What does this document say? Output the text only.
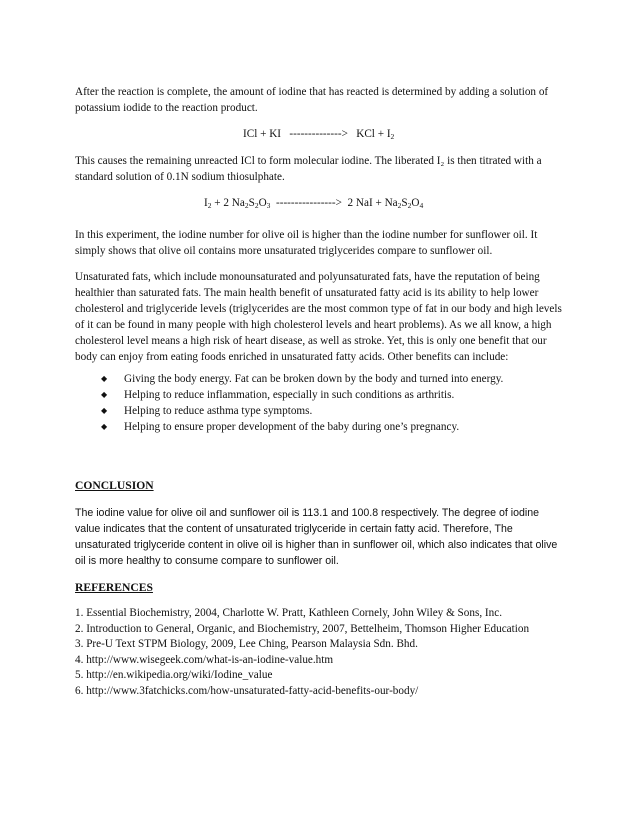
After the reaction is complete, the amount of iodine that has reacted is determined by adding a solution of potassium iodide to the reaction product.

ICl + KI --------------> KCl + $I_2$

This causes the remaining unreacted ICl to form molecular iodine. The liberated I₂ is then titrated with a standard solution of 0.1N sodium thiosulphate.

$I_2 + 2$ $Na_2S_2O_3$ ----------------> 2 NaI + $Na_2S_2O_4$

In this experiment, the iodine number for olive oil is higher than the iodine number for sunflower oil. It simply shows that olive oil contains more unsaturated triglycerides compare to sunflower oil.

Unsaturated fats, which include monounsaturated and polyunsaturated fats, have the reputation of being healthier than saturated fats. The main health benefit of unsaturated fatty acid is its ability to help lower cholesterol and triglyceride levels (triglycerides are the most common type of fat in our body and high levels of it can be found in many people with high cholesterol levels and heart problems). As we all know, a high cholesterol level means a high risk of heart disease, as well as stroke. Yet, this is only one benefit that our body can enjoy from eating foods enriched in unsaturated fatty acids. Other benefits can include:

◆ Giving the body energy. Fat can be broken down by the body and turned into energy.
◆ Helping to reduce inflammation, especially in such conditions as arthritis.
◆ Helping to reduce asthma type symptoms.
◆ Helping to ensure proper development of the baby during one’s pregnancy.

CONCLUSION

The iodine value for olive oil and sunflower oil is 113.1 and 100.8 respectively. The degree of iodine value indicates that the content of unsaturated triglyceride in certain fatty acid. Therefore, The unsaturated triglyceride content in olive oil is higher than in sunflower oil, which also indicates that olive oil is more healthy to consume compare to sunflower oil.

REFERENCES

1. Essential Biochemistry, 2004, Charlotte W. Pratt, Kathleen Cornely, John Wiley & Sons, Inc.
2. Introduction to General, Organic, and Biochemistry, 2007, Bettelheim, Thomson Higher Education
3. Pre-U Text STPM Biology, 2009, Lee Ching, Pearson Malaysia Sdn. Bhd.
4. http://www.wisegeek.com/what-is-an-iodine-value.htm
5. http://en.wikipedia.org/wiki/Iodine_value
6. http://www.3fatchicks.com/how-unsaturated-fatty-acid-benefits-our-body/
